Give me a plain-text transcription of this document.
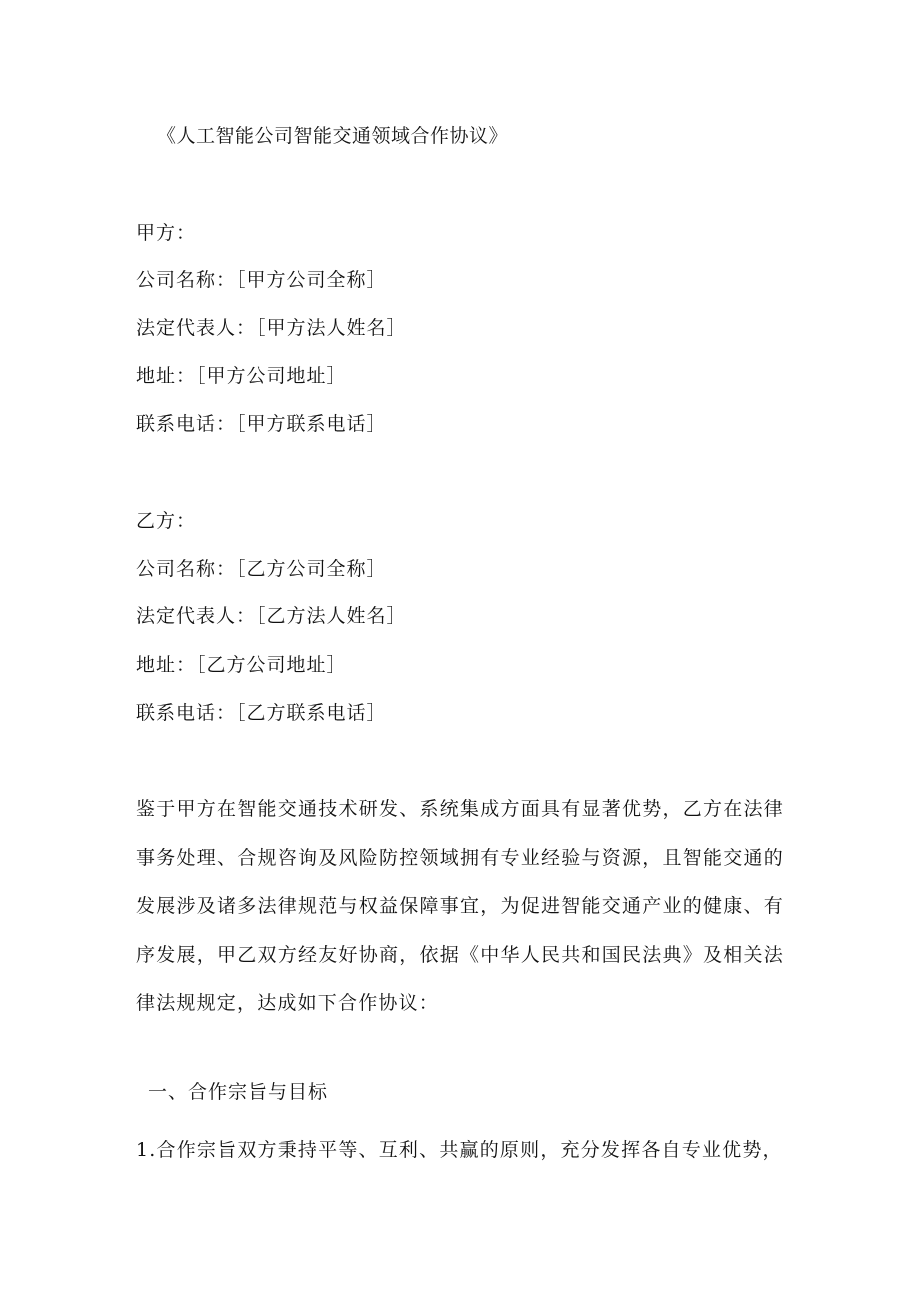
《人工智能公司智能交通领域合作协议》
甲方：
公司名称：［甲方公司全称］
法定代表人：［甲方法人姓名］
地址：［甲方公司地址］
联系电话：［甲方联系电话］
乙方：
公司名称：［乙方公司全称］
法定代表人：［乙方法人姓名］
地址：［乙方公司地址］
联系电话：［乙方联系电话］
鉴于甲方在智能交通技术研发、系统集成方面具有显著优势，乙方在法律事务处理、合规咨询及风险防控领域拥有专业经验与资源，且智能交通的发展涉及诸多法律规范与权益保障事宜，为促进智能交通产业的健康、有序发展，甲乙双方经友好协商，依据《中华人民共和国民法典》及相关法律法规规定，达成如下合作协议：
一、合作宗旨与目标
1.合作宗旨双方秉持平等、互利、共赢的原则，充分发挥各自专业优势，
